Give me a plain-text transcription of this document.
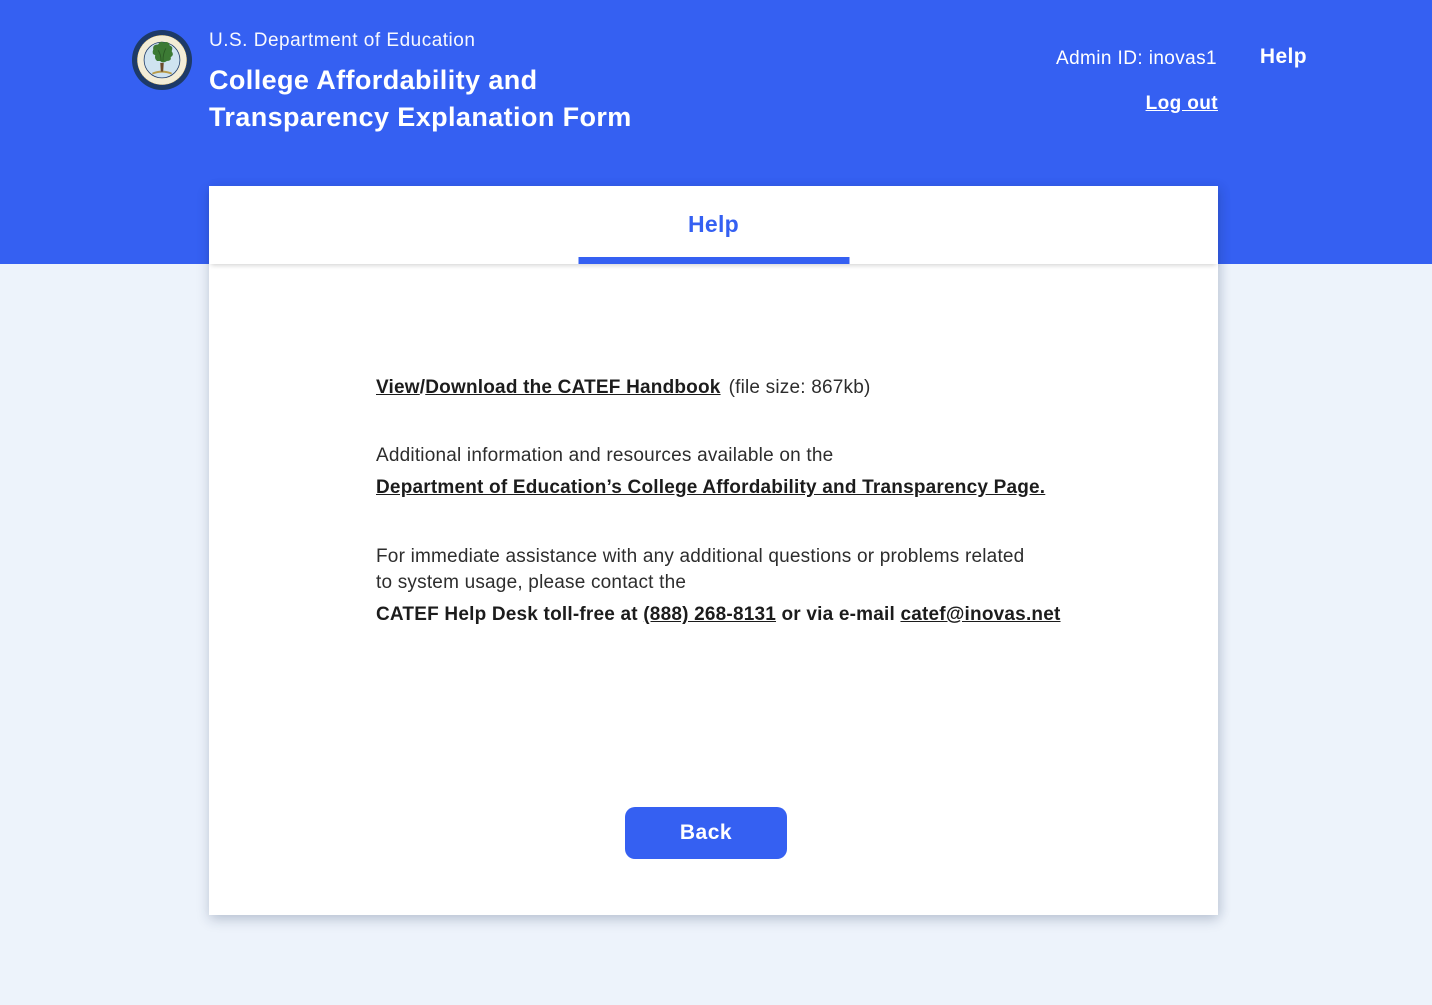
U.S. Department of Education
College Affordability and
Transparency Explanation Form
Admin ID: inovas1 Help
Log out
Help
View/Download the CATEF Handbook (file size: 867kb)
Additional information and resources available on the
Department of Education’s College Affordability and Transparency Page.
For immediate assistance with any additional questions or problems related
to system usage, please contact the
CATEF Help Desk toll-free at (888) 268-8131 or via e-mail catef@inovas.net
Back
